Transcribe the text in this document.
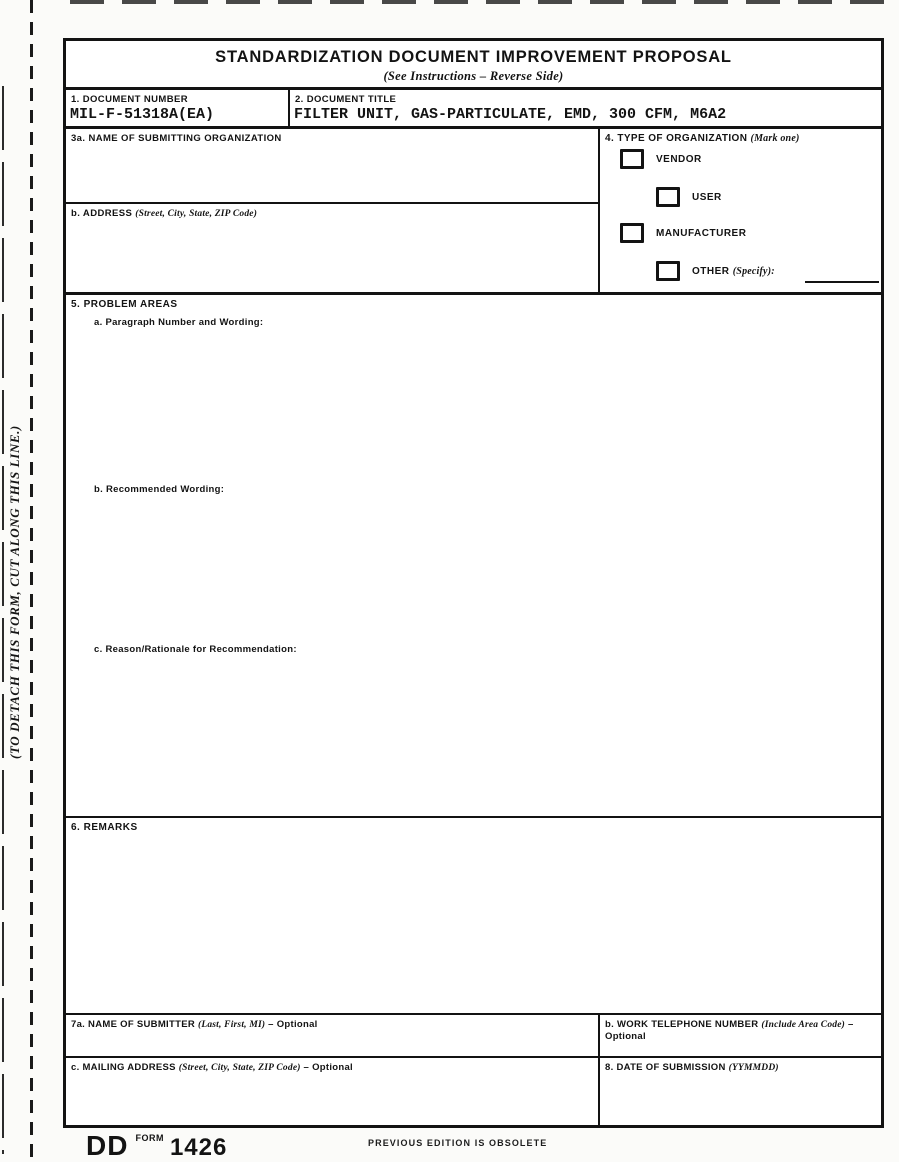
(TO DETACH THIS FORM, CUT ALONG THIS LINE.)
STANDARDIZATION DOCUMENT IMPROVEMENT PROPOSAL
(See Instructions – Reverse Side)
1. DOCUMENT NUMBER
MIL-F-51318A(EA)
2. DOCUMENT TITLE
FILTER UNIT, GAS-PARTICULATE, EMD, 300 CFM, M6A2
3a. NAME OF SUBMITTING ORGANIZATION
b. ADDRESS (Street, City, State, ZIP Code)
4. TYPE OF ORGANIZATION (Mark one)
VENDOR
USER
MANUFACTURER
OTHER (Specify):
5. PROBLEM AREAS
a. Paragraph Number and Wording:
b. Recommended Wording:
c. Reason/Rationale for Recommendation:
6. REMARKS
7a. NAME OF SUBMITTER (Last, First, MI) – Optional	b. WORK TELEPHONE NUMBER (Include Area Code) – Optional
c. MAILING ADDRESS (Street, City, State, ZIP Code) – Optional	8. DATE OF SUBMISSION (YYMMDD)
DD $^{FORM}$ 1426	PREVIOUS EDITION IS OBSOLETE
